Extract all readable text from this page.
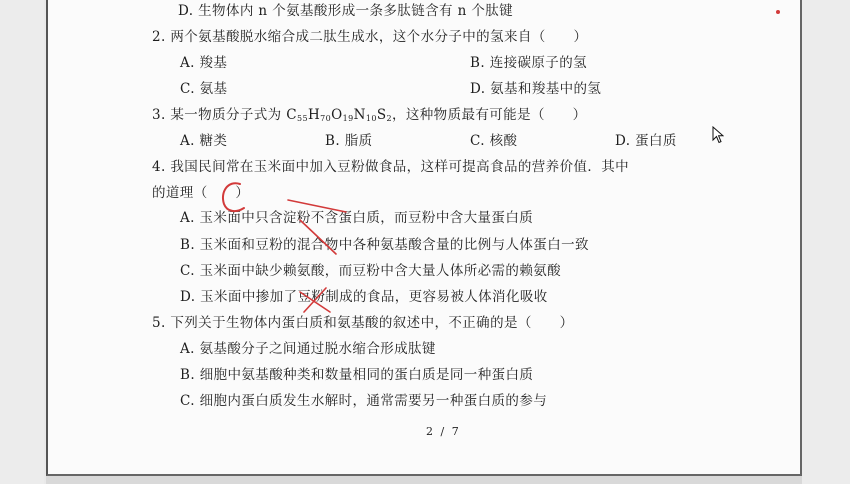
D. 生物体内 n 个氨基酸形成一条多肽链含有 n 个肽键
2. 两个氨基酸脱水缩合成二肽生成水，这个水分子中的氢来自（　　）
A. 羧基	B. 连接碳原子的氢
C. 氨基	D. 氨基和羧基中的氢
3. 某一物质分子式为 $C_{55}H_{70}O_{19}N_{10}S_2$，这种物质最有可能是（　　）
A. 糖类	B. 脂质	C. 核酸	D. 蛋白质
4. 我国民间常在玉米面中加入豆粉做食品，这样可提高食品的营养价值．其中
的道理（　　）
A. 玉米面中只含淀粉不含蛋白质，而豆粉中含大量蛋白质
B. 玉米面和豆粉的混合物中各种氨基酸含量的比例与人体蛋白一致
C. 玉米面中缺少赖氨酸，而豆粉中含大量人体所必需的赖氨酸
D. 玉米面中掺加了豆粉制成的食品，更容易被人体消化吸收
5. 下列关于生物体内蛋白质和氨基酸的叙述中，不正确的是（　　）
A. 氨基酸分子之间通过脱水缩合形成肽键
B. 细胞中氨基酸种类和数量相同的蛋白质是同一种蛋白质
C. 细胞内蛋白质发生水解时，通常需要另一种蛋白质的参与
2 / 7
